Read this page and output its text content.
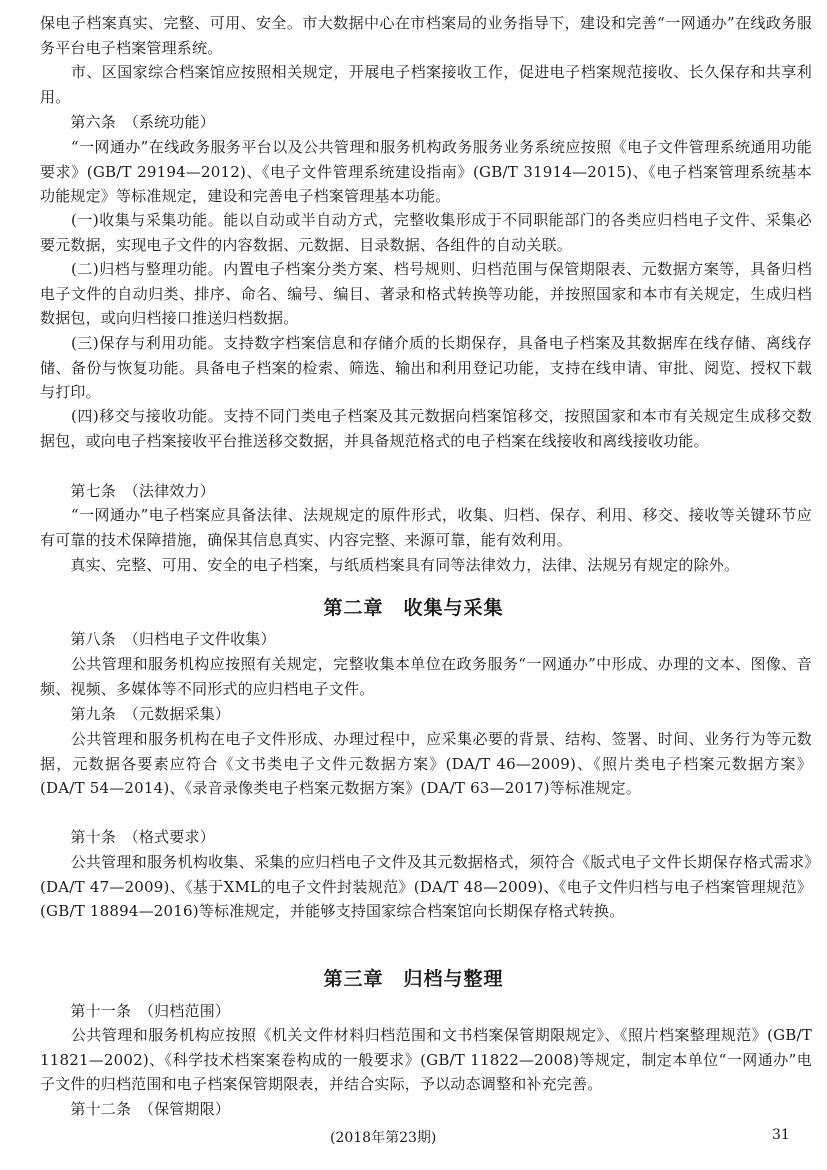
保电子档案真实、完整、可用、安全。市大数据中心在市档案局的业务指导下，建设和完善“一网通办”在线政务服务平台电子档案管理系统。
　　市、区国家综合档案馆应按照相关规定，开展电子档案接收工作，促进电子档案规范接收、长久保存和共享利用。
　　第六条　（系统功能）
　　“一网通办”在线政务服务平台以及公共管理和服务机构政务服务业务系统应按照《电子文件管理系统通用功能要求》(GB/T 29194—2012)、《电子文件管理系统建设指南》(GB/T 31914—2015)、《电子档案管理系统基本功能规定》等标准规定，建设和完善电子档案管理基本功能。
　　(一)收集与采集功能。能以自动或半自动方式，完整收集形成于不同职能部门的各类应归档电子文件、采集必要元数据，实现电子文件的内容数据、元数据、目录数据、各组件的自动关联。
　　(二)归档与整理功能。内置电子档案分类方案、档号规则、归档范围与保管期限表、元数据方案等，具备归档电子文件的自动归类、排序、命名、编号、编目、著录和格式转换等功能，并按照国家和本市有关规定，生成归档数据包，或向归档接口推送归档数据。
　　(三)保存与利用功能。支持数字档案信息和存储介质的长期保存，具备电子档案及其数据库在线存储、离线存储、备份与恢复功能。具备电子档案的检索、筛选、输出和利用登记功能，支持在线申请、审批、阅览、授权下载与打印。
　　(四)移交与接收功能。支持不同门类电子档案及其元数据向档案馆移交，按照国家和本市有关规定生成移交数据包，或向电子档案接收平台推送移交数据，并具备规范格式的电子档案在线接收和离线接收功能。
　　第七条　（法律效力）
　　“一网通办”电子档案应具备法律、法规规定的原件形式，收集、归档、保存、利用、移交、接收等关键环节应有可靠的技术保障措施，确保其信息真实、内容完整、来源可靠，能有效利用。
　　真实、完整、可用、安全的电子档案，与纸质档案具有同等法律效力，法律、法规另有规定的除外。
第二章　收集与采集
　　第八条　（归档电子文件收集）
　　公共管理和服务机构应按照有关规定，完整收集本单位在政务服务“一网通办”中形成、办理的文本、图像、音频、视频、多媒体等不同形式的应归档电子文件。
　　第九条　（元数据采集）
　　公共管理和服务机构在电子文件形成、办理过程中，应采集必要的背景、结构、签署、时间、业务行为等元数据，元数据各要素应符合《文书类电子文件元数据方案》(DA/T 46—2009)、《照片类电子档案元数据方案》(DA/T 54—2014)、《录音录像类电子档案元数据方案》(DA/T 63—2017)等标准规定。
　　第十条　（格式要求）
　　公共管理和服务机构收集、采集的应归档电子文件及其元数据格式，须符合《版式电子文件长期保存格式需求》(DA/T 47—2009)、《基于XML的电子文件封装规范》(DA/T 48—2009)、《电子文件归档与电子档案管理规范》(GB/T 18894—2016)等标准规定，并能够支持国家综合档案馆向长期保存格式转换。
第三章　归档与整理
　　第十一条　（归档范围）
　　公共管理和服务机构应按照《机关文件材料归档范围和文书档案保管期限规定》、《照片档案整理规范》(GB/T 11821—2002)、《科学技术档案案卷构成的一般要求》(GB/T 11822—2008)等规定，制定本单位“一网通办”电子文件的归档范围和电子档案保管期限表，并结合实际，予以动态调整和补充完善。
　　第十二条　（保管期限）
(2018年第23期)	31
